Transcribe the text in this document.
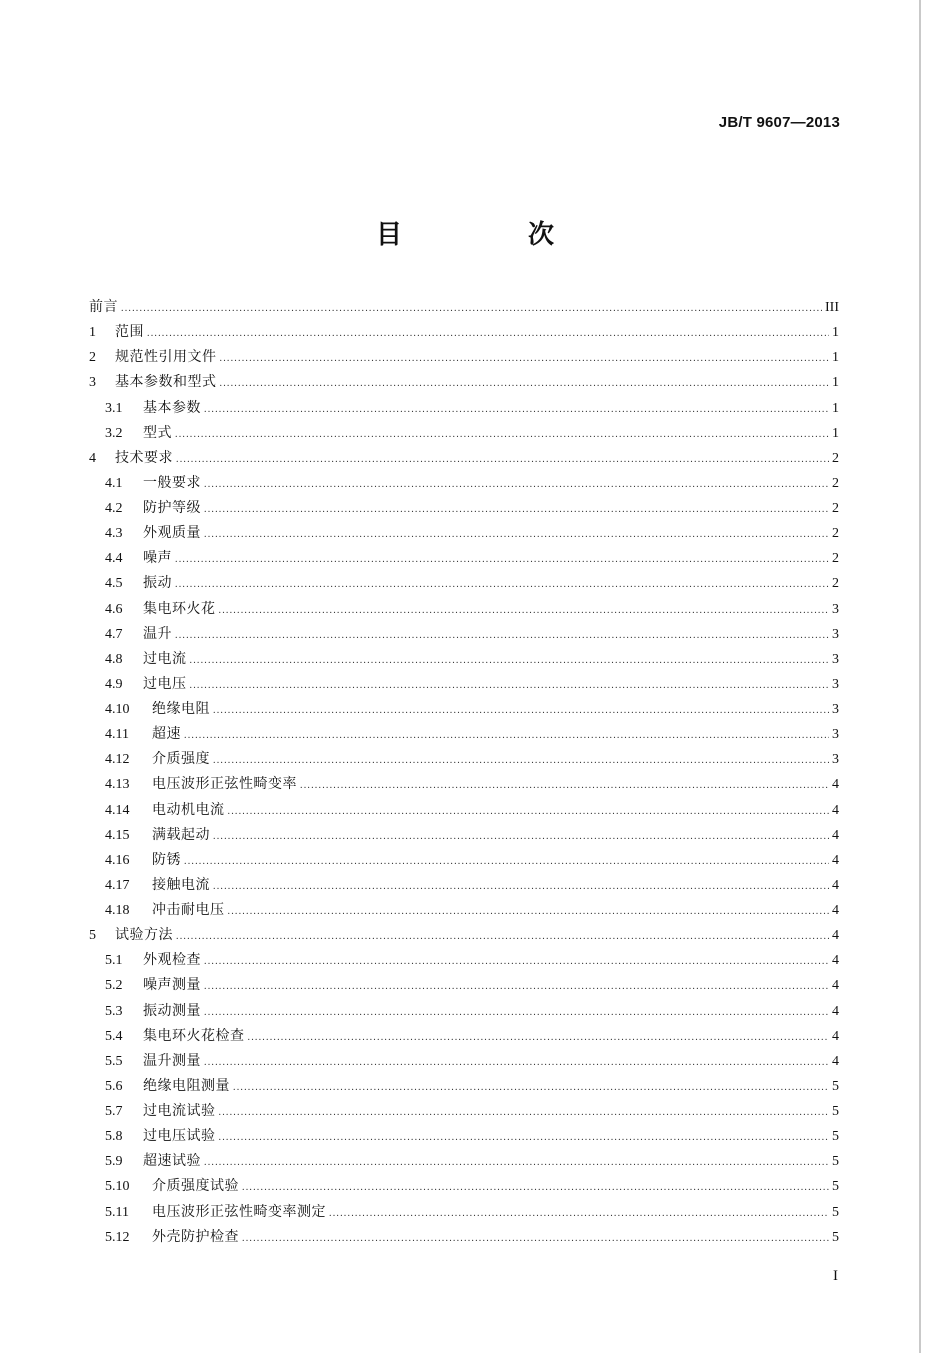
JB/T 9607—2013
目　次
前言 .....	III
1	范围 .....	1
2	规范性引用文件 .....	1
3	基本参数和型式 .....	1
3.1	基本参数 .....	1
3.2	型式 .....	1
4	技术要求 .....	2
4.1	一般要求 .....	2
4.2	防护等级 .....	2
4.3	外观质量 .....	2
4.4	噪声 .....	2
4.5	振动 .....	2
4.6	集电环火花 .....	3
4.7	温升 .....	3
4.8	过电流 .....	3
4.9	过电压 .....	3
4.10	绝缘电阻 .....	3
4.11	超速 .....	3
4.12	介质强度 .....	3
4.13	电压波形正弦性畸变率 .....	4
4.14	电动机电流 .....	4
4.15	满载起动 .....	4
4.16	防锈 .....	4
4.17	接触电流 .....	4
4.18	冲击耐电压 .....	4
5	试验方法 .....	4
5.1	外观检查 .....	4
5.2	噪声测量 .....	4
5.3	振动测量 .....	4
5.4	集电环火花检查 .....	4
5.5	温升测量 .....	4
5.6	绝缘电阻测量 .....	5
5.7	过电流试验 .....	5
5.8	过电压试验 .....	5
5.9	超速试验 .....	5
5.10	介质强度试验 .....	5
5.11	电压波形正弦性畸变率测定 .....	5
5.12	外壳防护检查 .....	5
I
